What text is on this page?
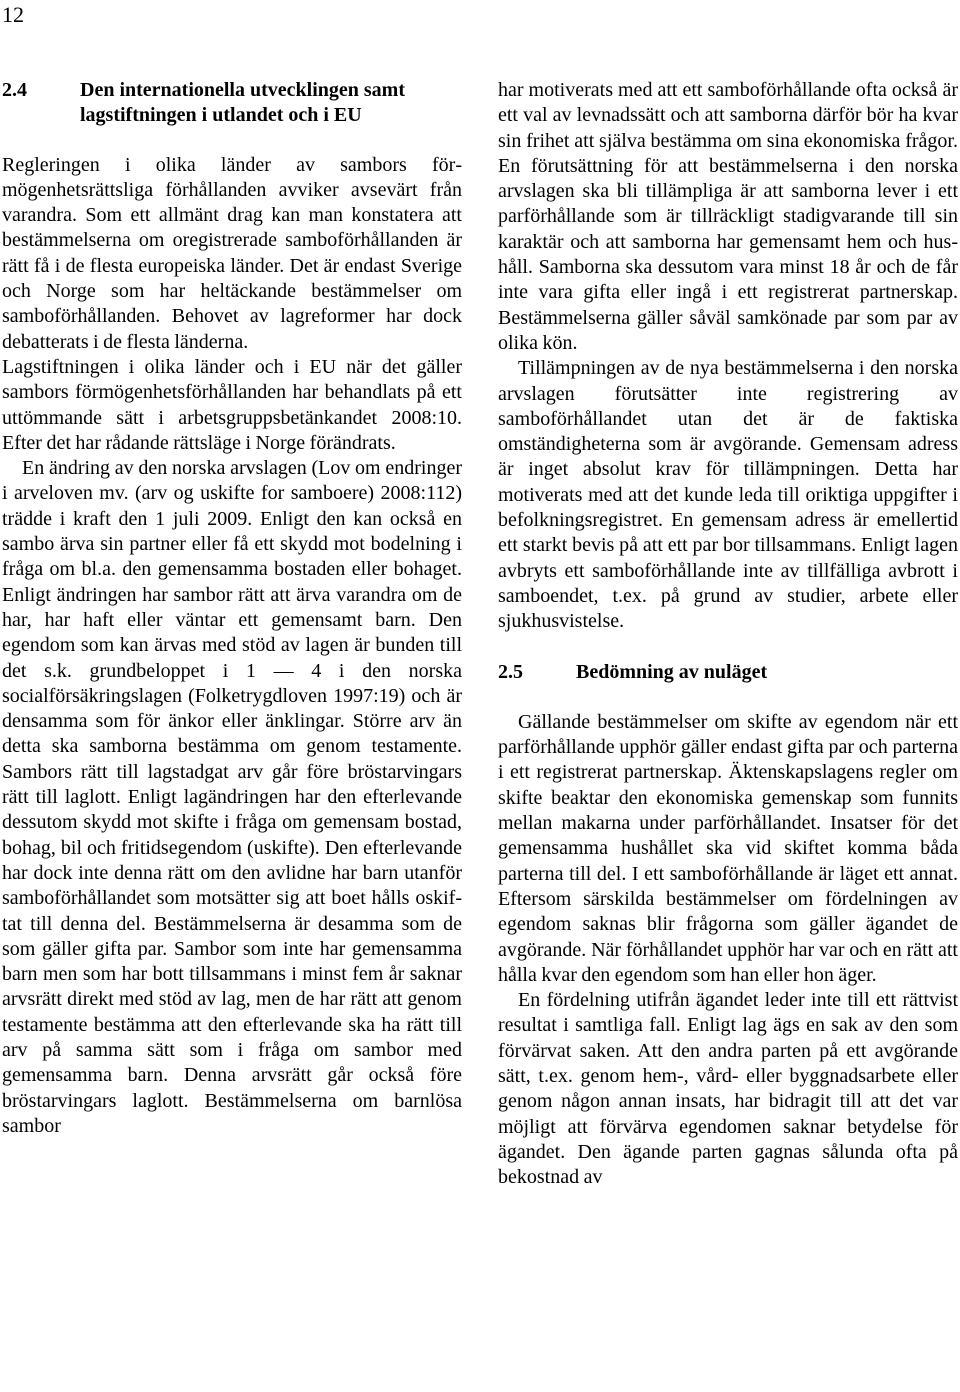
12
2.4	Den internationella utvecklingen samt lagstiftningen i utlandet och i EU

Regleringen i olika länder av sambors förmögenhetsrättsliga förhållanden avviker avsevärt från varandra. Som ett allmänt drag kan man konstatera att bestämmelserna om oregistrerade samboförhållanden är rätt få i de flesta europeiska länder. Det är endast Sverige och Norge som har heltäckande bestämmelser om samboförhållanden. Behovet av lagreformer har dock debatterats i de flesta länderna.

Lagstiftningen i olika länder och i EU när det gäller sambors förmögenhetsförhållanden har behandlats på ett uttömmande sätt i arbetsgruppsbetänkandet 2008:10. Efter det har rådande rättsläge i Norge förändrats.

En ändring av den norska arvslagen (Lov om endringer i arveloven mv. (arv og uskifte for samboere) 2008:112) trädde i kraft den 1 juli 2009. Enligt den kan också en sambo ärva sin partner eller få ett skydd mot bodelning i fråga om bl.a. den gemensamma bostaden eller bohaget. Enligt ändringen har sambor rätt att ärva varandra om de har, har haft eller väntar ett gemensamt barn. Den egendom som kan ärvas med stöd av lagen är bunden till det s.k. grundbeloppet i 1 — 4 i den norska socialförsäkringslagen (Folketrygdloven 1997:19) och är densamma som för änkor eller änklingar. Större arv än detta ska samborna bestämma om genom testamente. Sambors rätt till lagstadgat arv går före bröstarvingars rätt till laglott. Enligt lagändringen har den efterlevande dessutom skydd mot skifte i fråga om gemensam bostad, bohag, bil och fritidsegendom (uskifte). Den efterlevande har dock inte denna rätt om den avlidne har barn utanför samboförhållandet som motsätter sig att boet hålls oskiftat till denna del. Bestämmelserna är desamma som de som gäller gifta par. Sambor som inte har gemensamma barn men som har bott tillsammans i minst fem år saknar arvsrätt direkt med stöd av lag, men de har rätt att genom testamente bestämma att den efterlevande ska ha rätt till arv på samma sätt som i fråga om sambor med gemensamma barn. Denna arvsrätt går också före bröstarvingars laglott. Bestämmelserna om barnlösa sambor

har motiverats med att ett samboförhållande ofta också är ett val av levnadssätt och att samborna därför bör ha kvar sin frihet att själva bestämma om sina ekonomiska frågor. En förutsättning för att bestämmelserna i den norska arvslagen ska bli tillämpliga är att samborna lever i ett parförhållande som är tillräckligt stadigvarande till sin karaktär och att samborna har gemensamt hem och hushåll. Samborna ska dessutom vara minst 18 år och de får inte vara gifta eller ingå i ett registrerat partnerskap. Bestämmelserna gäller såväl samkönade par som par av olika kön.

Tillämpningen av de nya bestämmelserna i den norska arvslagen förutsätter inte registrering av samboförhållandet utan det är de faktiska omständigheterna som är avgörande. Gemensam adress är inget absolut krav för tillämpningen. Detta har motiverats med att det kunde leda till oriktiga uppgifter i befolkningsregistret. En gemensam adress är emellertid ett starkt bevis på att ett par bor tillsammans. Enligt lagen avbryts ett samboförhållande inte av tillfälliga avbrott i samboendet, t.ex. på grund av studier, arbete eller sjukhusvistelse.

2.5	Bedömning av nuläget

Gällande bestämmelser om skifte av egendom när ett parförhållande upphör gäller endast gifta par och parterna i ett registrerat partnerskap. Äktenskapslagens regler om skifte beaktar den ekonomiska gemenskap som funnits mellan makarna under parförhållandet. Insatser för det gemensamma hushållet ska vid skiftet komma båda parterna till del. I ett samboförhållande är läget ett annat. Eftersom särskilda bestämmelser om fördelningen av egendom saknas blir frågorna som gäller ägandet de avgörande. När förhållandet upphör har var och en rätt att hålla kvar den egendom som han eller hon äger.

En fördelning utifrån ägandet leder inte till ett rättvist resultat i samtliga fall. Enligt lag ägs en sak av den som förvärvat saken. Att den andra parten på ett avgörande sätt, t.ex. genom hem-, vård- eller byggnadsarbete eller genom någon annan insats, har bidragit till att det var möjligt att förvärva egendomen saknar betydelse för ägandet. Den ägande parten gagnas sålunda ofta på bekostnad av
